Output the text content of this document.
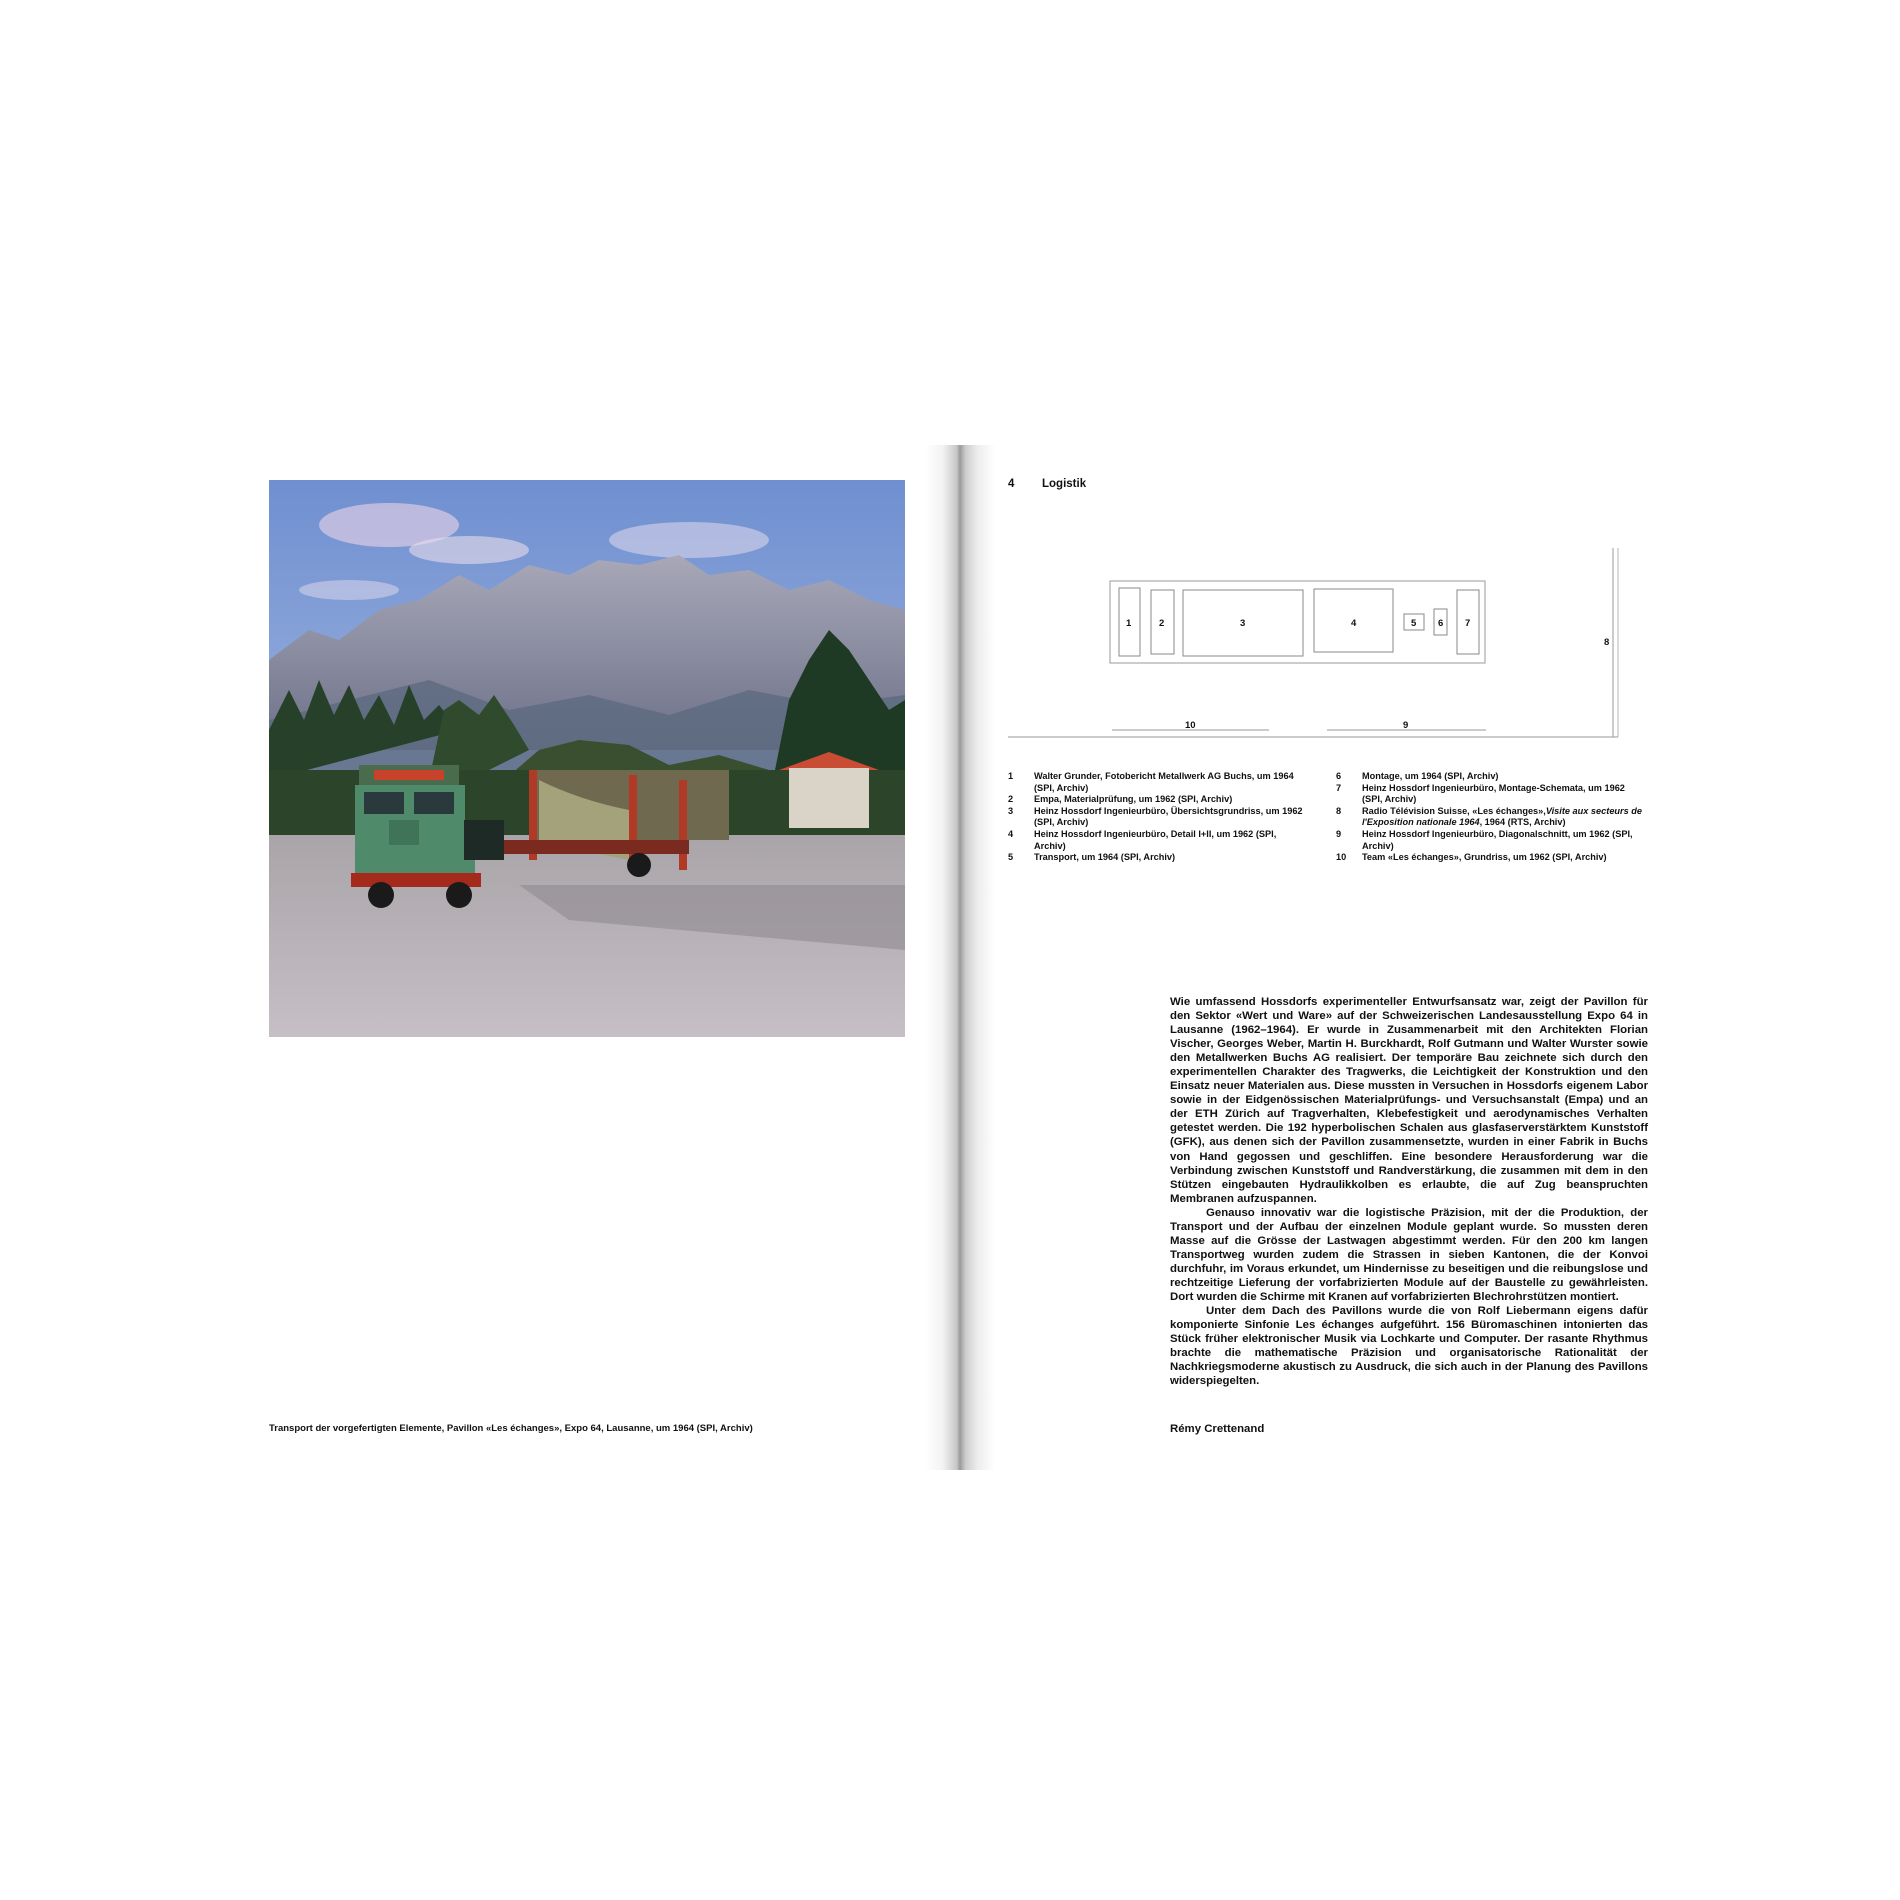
Transport der vorgefertigten Elemente, Pavillon «Les échanges», Expo 64, Lausanne, um 1964 (SPI, Archiv)
4 Logistik
1	2	3	4	5 6 7
8
10	9
1 Walter Grunder, Fotobericht Metallwerk AG Buchs, um 1964 (SPI, Archiv)
2 Empa, Materialprüfung, um 1962 (SPI, Archiv)
3 Heinz Hossdorf Ingenieurbüro, Übersichtsgrundriss, um 1962 (SPI, Archiv)
4 Heinz Hossdorf Ingenieurbüro, Detail I+II, um 1962 (SPI, Archiv)
5 Transport, um 1964 (SPI, Archiv)
6 Montage, um 1964 (SPI, Archiv)
7 Heinz Hossdorf Ingenieurbüro, Montage-Schemata, um 1962 (SPI, Archiv)
8 Radio Télévision Suisse, «Les échanges»,Visite aux secteurs de l'Exposition nationale 1964, 1964 (RTS, Archiv)
9 Heinz Hossdorf Ingenieurbüro, Diagonalschnitt, um 1962 (SPI, Archiv)
10 Team «Les échanges», Grundriss, um 1962 (SPI, Archiv)

Wie umfassend Hossdorfs experimenteller Entwurfsansatz war, zeigt der Pavillon für den Sektor «Wert und Ware» auf der Schweizerischen Landesausstellung Expo 64 in Lausanne (1962–1964). Er wurde in Zusammenarbeit mit den Architekten Florian Vischer, Georges Weber, Martin H. Burckhardt, Rolf Gutmann und Walter Wurster sowie den Metallwerken Buchs AG realisiert. Der temporäre Bau zeichnete sich durch den experimentellen Charakter des Tragwerks, die Leichtigkeit der Konstruktion und den Einsatz neuer Materialen aus. Diese mussten in Versuchen in Hossdorfs eigenem Labor sowie in der Eidgenössischen Materialprüfungs- und Versuchsanstalt (Empa) und an der ETH Zürich auf Tragverhalten, Klebefestigkeit und aerodynamisches Verhalten getestet werden. Die 192 hyperbolischen Schalen aus glasfaserverstärktem Kunststoff (GFK), aus denen sich der Pavillon zusammensetzte, wurden in einer Fabrik in Buchs von Hand gegossen und geschliffen. Eine besondere Herausforderung war die Verbindung zwischen Kunststoff und Randverstärkung, die zusammen mit dem in den Stützen eingebauten Hydraulikkolben es erlaubte, die auf Zug beanspruchten Membranen aufzuspannen.

Genauso innovativ war die logistische Präzision, mit der die Produktion, der Transport und der Aufbau der einzelnen Module geplant wurde. So mussten deren Masse auf die Grösse der Lastwagen abgestimmt werden. Für den 200 km langen Transportweg wurden zudem die Strassen in sieben Kantonen, die der Konvoi durchfuhr, im Voraus erkundet, um Hindernisse zu beseitigen und die reibungslose und rechtzeitige Lieferung der vorfabrizierten Module auf der Baustelle zu gewährleisten. Dort wurden die Schirme mit Kranen auf vorfabrizierten Blechrohrstützen montiert.

Unter dem Dach des Pavillons wurde die von Rolf Liebermann eigens dafür komponierte Sinfonie Les échanges aufgeführt. 156 Büromaschinen intonierten das Stück früher elektronischer Musik via Lochkarte und Computer. Der rasante Rhythmus brachte die mathematische Präzision und organisatorische Rationalität der Nachkriegsmoderne akustisch zu Ausdruck, die sich auch in der Planung des Pavillons widerspiegelten.

Rémy Crettenand
